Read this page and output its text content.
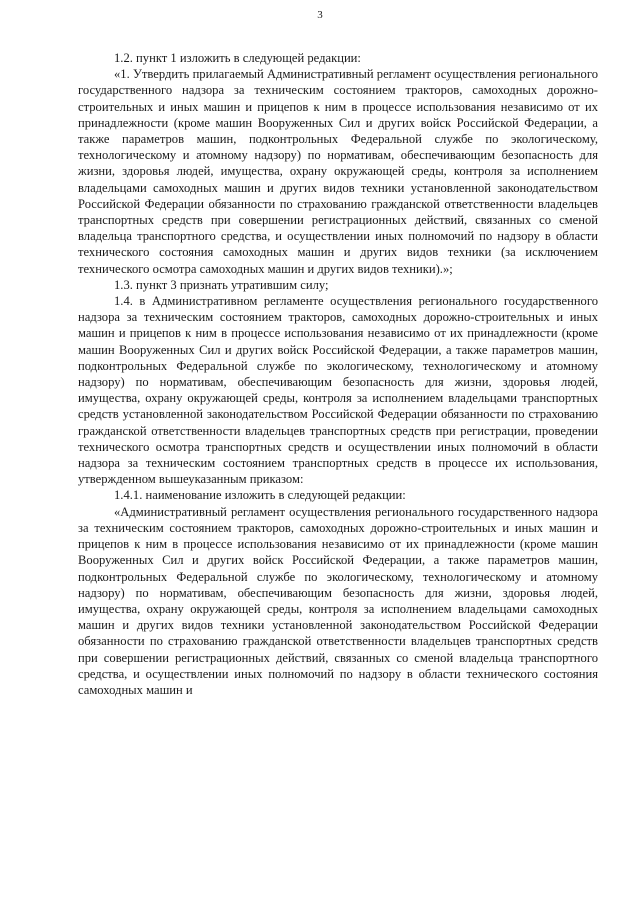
3

1.2. пункт 1 изложить в следующей редакции:

«1. Утвердить прилагаемый Административный регламент осуществления регионального государственного надзора за техническим состоянием тракторов, самоходных дорожно-строительных и иных машин и прицепов к ним в процессе использования независимо от их принадлежности (кроме машин Вооруженных Сил и других войск Российской Федерации, а также параметров машин, подконтрольных Федеральной службе по экологическому, технологическому и атомному надзору) по нормативам, обеспечивающим безопасность для жизни, здоровья людей, имущества, охрану окружающей среды, контроля за исполнением владельцами самоходных машин и других видов техники установленной законодательством Российской Федерации обязанности по страхованию гражданской ответственности владельцев транспортных средств при совершении регистрационных действий, связанных со сменой владельца транспортного средства, и осуществлении иных полномочий по надзору в области технического состояния самоходных машин и других видов техники (за исключением технического осмотра самоходных машин и других видов техники).»;

1.3. пункт 3 признать утратившим силу;

1.4. в Административном регламенте осуществления регионального государственного надзора за техническим состоянием тракторов, самоходных дорожно-строительных и иных машин и прицепов к ним в процессе использования независимо от их принадлежности (кроме машин Вооруженных Сил и других войск Российской Федерации, а также параметров машин, подконтрольных Федеральной службе по экологическому, технологическому и атомному надзору) по нормативам, обеспечивающим безопасность для жизни, здоровья людей, имущества, охрану окружающей среды, контроля за исполнением владельцами транспортных средств установленной законодательством Российской Федерации обязанности по страхованию гражданской ответственности владельцев транспортных средств при регистрации, проведении технического осмотра транспортных средств и осуществлении иных полномочий в области надзора за техническим состоянием транспортных средств в процессе их использования, утвержденном вышеуказанным приказом:

1.4.1. наименование изложить в следующей редакции:

«Административный регламент осуществления регионального государственного надзора за техническим состоянием тракторов, самоходных дорожно-строительных и иных машин и прицепов к ним в процессе использования независимо от их принадлежности (кроме машин Вооруженных Сил и других войск Российской Федерации, а также параметров машин, подконтрольных Федеральной службе по экологическому, технологическому и атомному надзору) по нормативам, обеспечивающим безопасность для жизни, здоровья людей, имущества, охрану окружающей среды, контроля за исполнением владельцами самоходных машин и других видов техники установленной законодательством Российской Федерации обязанности по страхованию гражданской ответственности владельцев транспортных средств при совершении регистрационных действий, связанных со сменой владельца транспортного средства, и осуществлении иных полномочий по надзору в области технического состояния самоходных машин и
